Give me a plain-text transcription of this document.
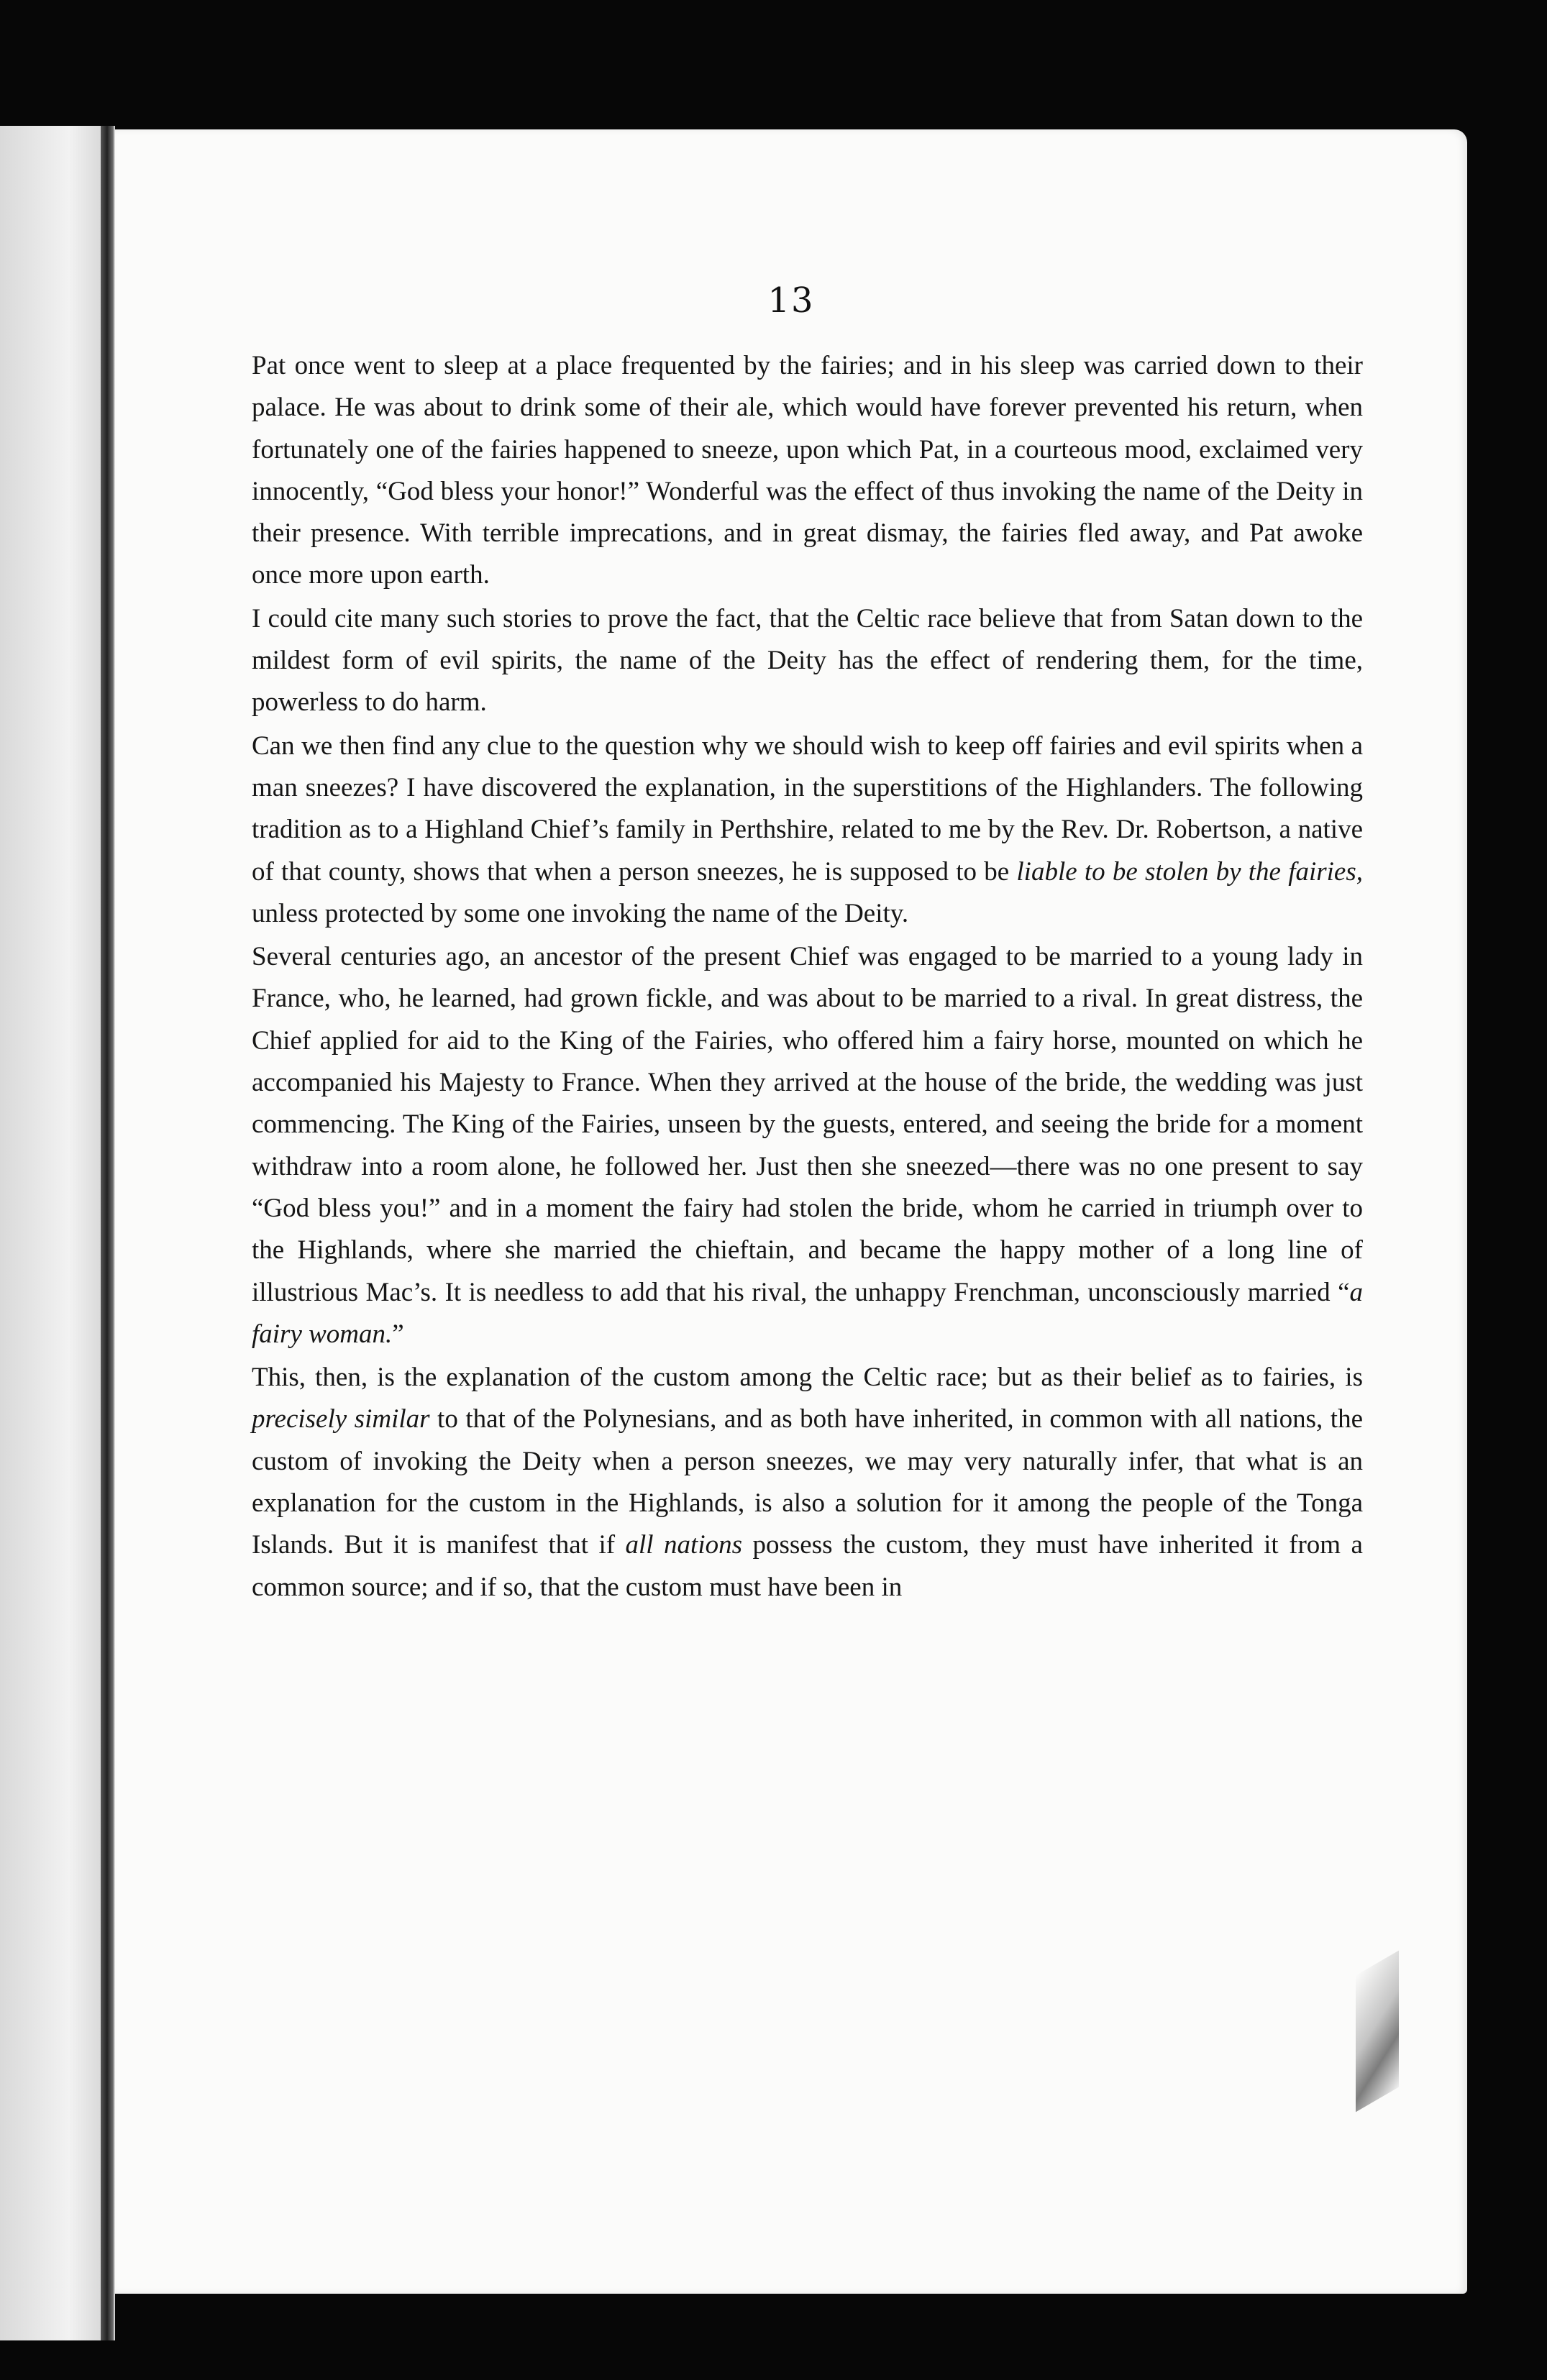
13

Pat once went to sleep at a place frequented by the fairies; and in his sleep was carried down to their palace. He was about to drink some of their ale, which would have forever prevented his return, when fortunately one of the fairies happened to sneeze, upon which Pat, in a courteous mood, exclaimed very innocently, “God bless your honor!” Wonderful was the effect of thus invoking the name of the Deity in their presence. With terrible imprecations, and in great dismay, the fairies fled away, and Pat awoke once more upon earth.

I could cite many such stories to prove the fact, that the Celtic race believe that from Satan down to the mildest form of evil spirits, the name of the Deity has the effect of rendering them, for the time, powerless to do harm.

Can we then find any clue to the question why we should wish to keep off fairies and evil spirits when a man sneezes? I have discovered the explanation, in the superstitions of the Highlanders. The following tradition as to a Highland Chief’s family in Perthshire, related to me by the Rev. Dr. Robertson, a native of that county, shows that when a person sneezes, he is supposed to be liable to be stolen by the fairies, unless protected by some one invoking the name of the Deity.

Several centuries ago, an ancestor of the present Chief was engaged to be married to a young lady in France, who, he learned, had grown fickle, and was about to be married to a rival. In great distress, the Chief applied for aid to the King of the Fairies, who offered him a fairy horse, mounted on which he accompanied his Majesty to France. When they arrived at the house of the bride, the wedding was just commencing. The King of the Fairies, unseen by the guests, entered, and seeing the bride for a moment withdraw into a room alone, he followed her. Just then she sneezed—there was no one present to say “God bless you!” and in a moment the fairy had stolen the bride, whom he carried in triumph over to the Highlands, where she married the chieftain, and became the happy mother of a long line of illustrious Mac’s. It is needless to add that his rival, the unhappy Frenchman, unconsciously married “a fairy woman.”

This, then, is the explanation of the custom among the Celtic race; but as their belief as to fairies, is precisely similar to that of the Polynesians, and as both have inherited, in common with all nations, the custom of invoking the Deity when a person sneezes, we may very naturally infer, that what is an explanation for the custom in the Highlands, is also a solution for it among the people of the Tonga Islands. But it is manifest that if all nations possess the custom, they must have inherited it from a common source; and if so, that the custom must have been in
